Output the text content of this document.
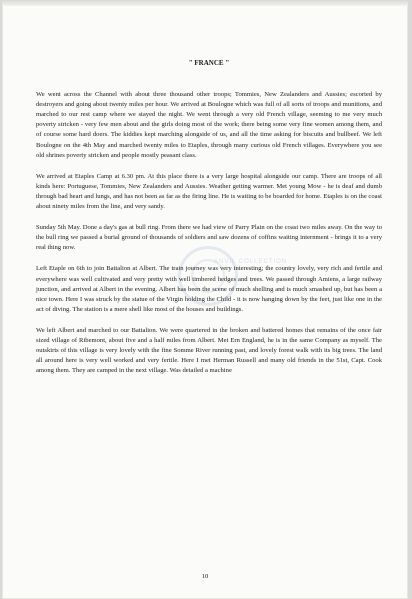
ANVIL COLLECTION
" FRANCE "

We went across the Channel with about three thousand other troops; Tommies, New Zealanders and Aussies; escorted by destroyers and going about twenty miles per hour. We arrived at Boulogne which was full of all sorts of troops and munitions, and marched to our rest camp where we stayed the night. We went through a very old French village, seeming to me very much poverty stricken - very few men about and the girls doing most of the work; there being some very fine women among them, and of course some hard doers. The kiddies kept marching alongside of us, and all the time asking for biscuits and bullbeef. We left Boulogne on the 4th May and marched twenty miles to Etaples, through many curious old French villages. Everywhere you see old shrines poverty stricken and people mostly peasant class.

We arrived at Etaples Camp at 6.30 pm. At this place there is a very large hospital alongside our camp. There are troops of all kinds here: Portuguese, Tommies, New Zealanders and Aussies. Weather getting warmer. Met young Mow - he is deaf and dumb through bad heart and lungs, and has not been as far as the firing line. He is waiting to be boarded for home. Etaples is on the coast about ninety miles from the line, and very sandy.

Sunday 5th May. Done a day's gas at bull ring. From there we had view of Parry Plain on the coast two miles away. On the way to the bull ring we passed a burial ground of thousands of soldiers and saw dozens of coffins waiting internment - brings it to a very real thing now.

Left Etaple on 6th to join Battalion at Albert. The train journey was very interesting; the country lovely, very rich and fertile and everywhere was well cultivated and very pretty with well timbered hedges and trees. We passed through Amiens, a large railway junction, and arrived at Albert in the evening. Albert has been the scene of much shelling and is much smashed up, but has been a nice town. Here I was struck by the statue of the Virgin holding the Child - it is now hanging down by the feet, just like one in the act of diving. The station is a mere shell like most of the houses and buildings.

We left Albert and marched to our Battalion. We were quartered in the broken and battered homes that remains of the once fair sized village of Ribemont, about five and a half miles from Albert. Met Ern England, he is in the same Company as myself. The outskirts of this village is very lovely with the fine Somme River running past, and lovely forest walk with its big trees. The land all around here is very well worked and very fertile. Here I met Herman Russell and many old friends in the 51st, Capt. Cook among them. They are camped in the next village. Was detailed a machine

10
